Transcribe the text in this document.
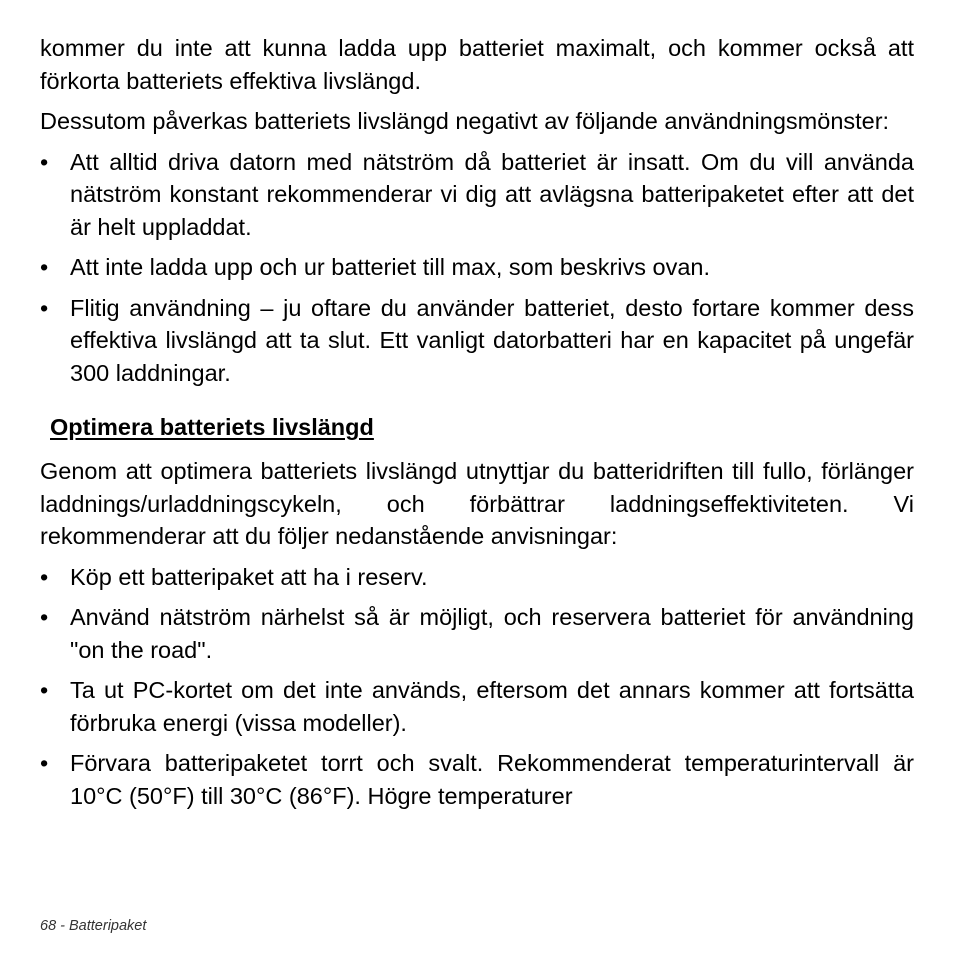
kommer du inte att kunna ladda upp batteriet maximalt, och kommer också att förkorta batteriets effektiva livslängd.

Dessutom påverkas batteriets livslängd negativt av följande användningsmönster:

• Att alltid driva datorn med nätström då batteriet är insatt. Om du vill använda nätström konstant rekommenderar vi dig att avlägsna batteripaketet efter att det är helt uppladdat.
• Att inte ladda upp och ur batteriet till max, som beskrivs ovan.
• Flitig användning – ju oftare du använder batteriet, desto fortare kommer dess effektiva livslängd att ta slut. Ett vanligt datorbatteri har en kapacitet på ungefär 300 laddningar.
Optimera batteriets livslängd

Genom att optimera batteriets livslängd utnyttjar du batteridriften till fullo, förlänger laddnings/urladdningscykeln, och förbättrar laddningseffektiviteten. Vi rekommenderar att du följer nedanstående anvisningar:

• Köp ett batteripaket att ha i reserv.
• Använd nätström närhelst så är möjligt, och reservera batteriet för användning "on the road".
• Ta ut PC-kortet om det inte används, eftersom det annars kommer att fortsätta förbruka energi (vissa modeller).
• Förvara batteripaketet torrt och svalt. Rekommenderat temperaturintervall är 10°C (50°F) till 30°C (86°F). Högre temperaturer
68 - Batteripaket
